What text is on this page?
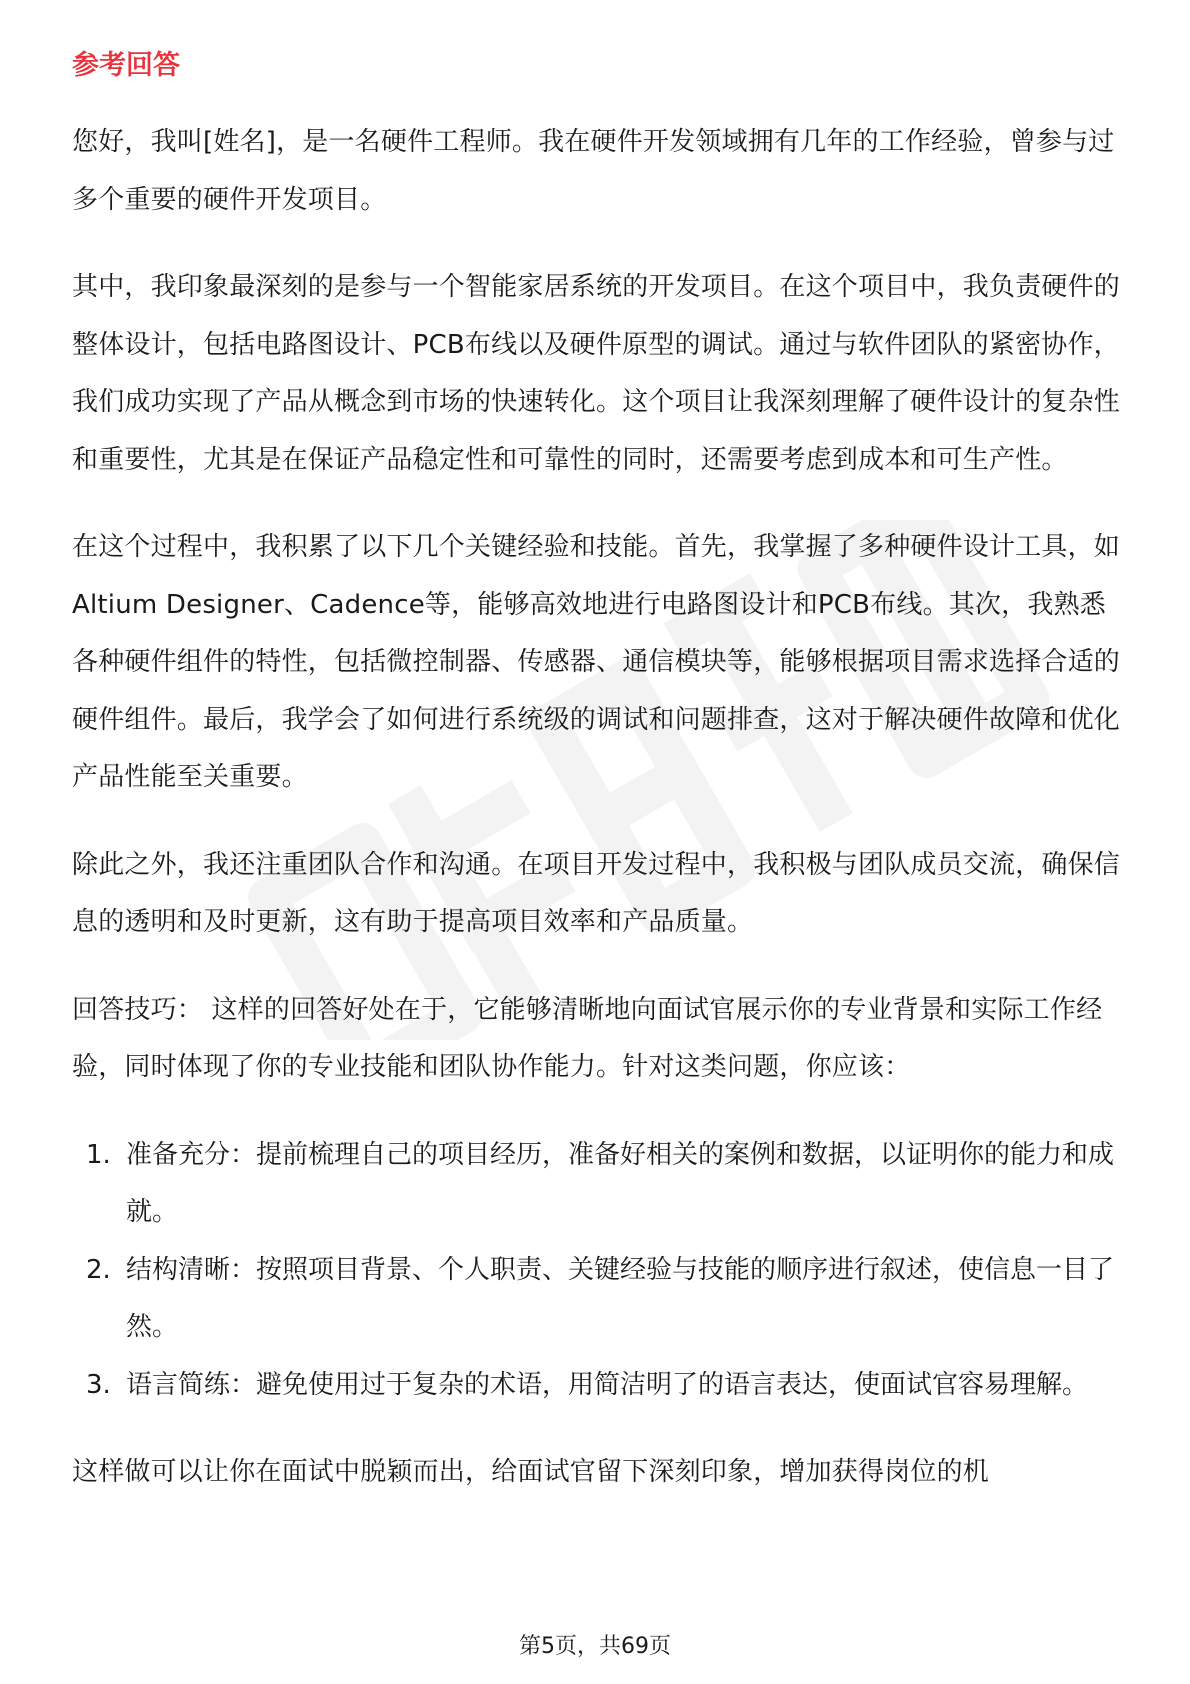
参考回答

您好，我叫[姓名]，是一名硬件工程师。我在硬件开发领域拥有几年的工作经验，曾参与过多个重要的硬件开发项目。

其中，我印象最深刻的是参与一个智能家居系统的开发项目。在这个项目中，我负责硬件的整体设计，包括电路图设计、PCB布线以及硬件原型的调试。通过与软件团队的紧密协作，我们成功实现了产品从概念到市场的快速转化。这个项目让我深刻理解了硬件设计的复杂性和重要性，尤其是在保证产品稳定性和可靠性的同时，还需要考虑到成本和可生产性。

在这个过程中，我积累了以下几个关键经验和技能。首先，我掌握了多种硬件设计工具，如Altium Designer、Cadence等，能够高效地进行电路图设计和PCB布线。其次，我熟悉各种硬件组件的特性，包括微控制器、传感器、通信模块等，能够根据项目需求选择合适的硬件组件。最后，我学会了如何进行系统级的调试和问题排查，这对于解决硬件故障和优化产品性能至关重要。

除此之外，我还注重团队合作和沟通。在项目开发过程中，我积极与团队成员交流，确保信息的透明和及时更新，这有助于提高项目效率和产品质量。

回答技巧： 这样的回答好处在于，它能够清晰地向面试官展示你的专业背景和实际工作经验，同时体现了你的专业技能和团队协作能力。针对这类问题，你应该：

1. 准备充分：提前梳理自己的项目经历，准备好相关的案例和数据，以证明你的能力和成就。
2. 结构清晰：按照项目背景、个人职责、关键经验与技能的顺序进行叙述，使信息一目了然。
3. 语言简练：避免使用过于复杂的术语，用简洁明了的语言表达，使面试官容易理解。

这样做可以让你在面试中脱颖而出，给面试官留下深刻印象，增加获得岗位的机

第5页，共69页
